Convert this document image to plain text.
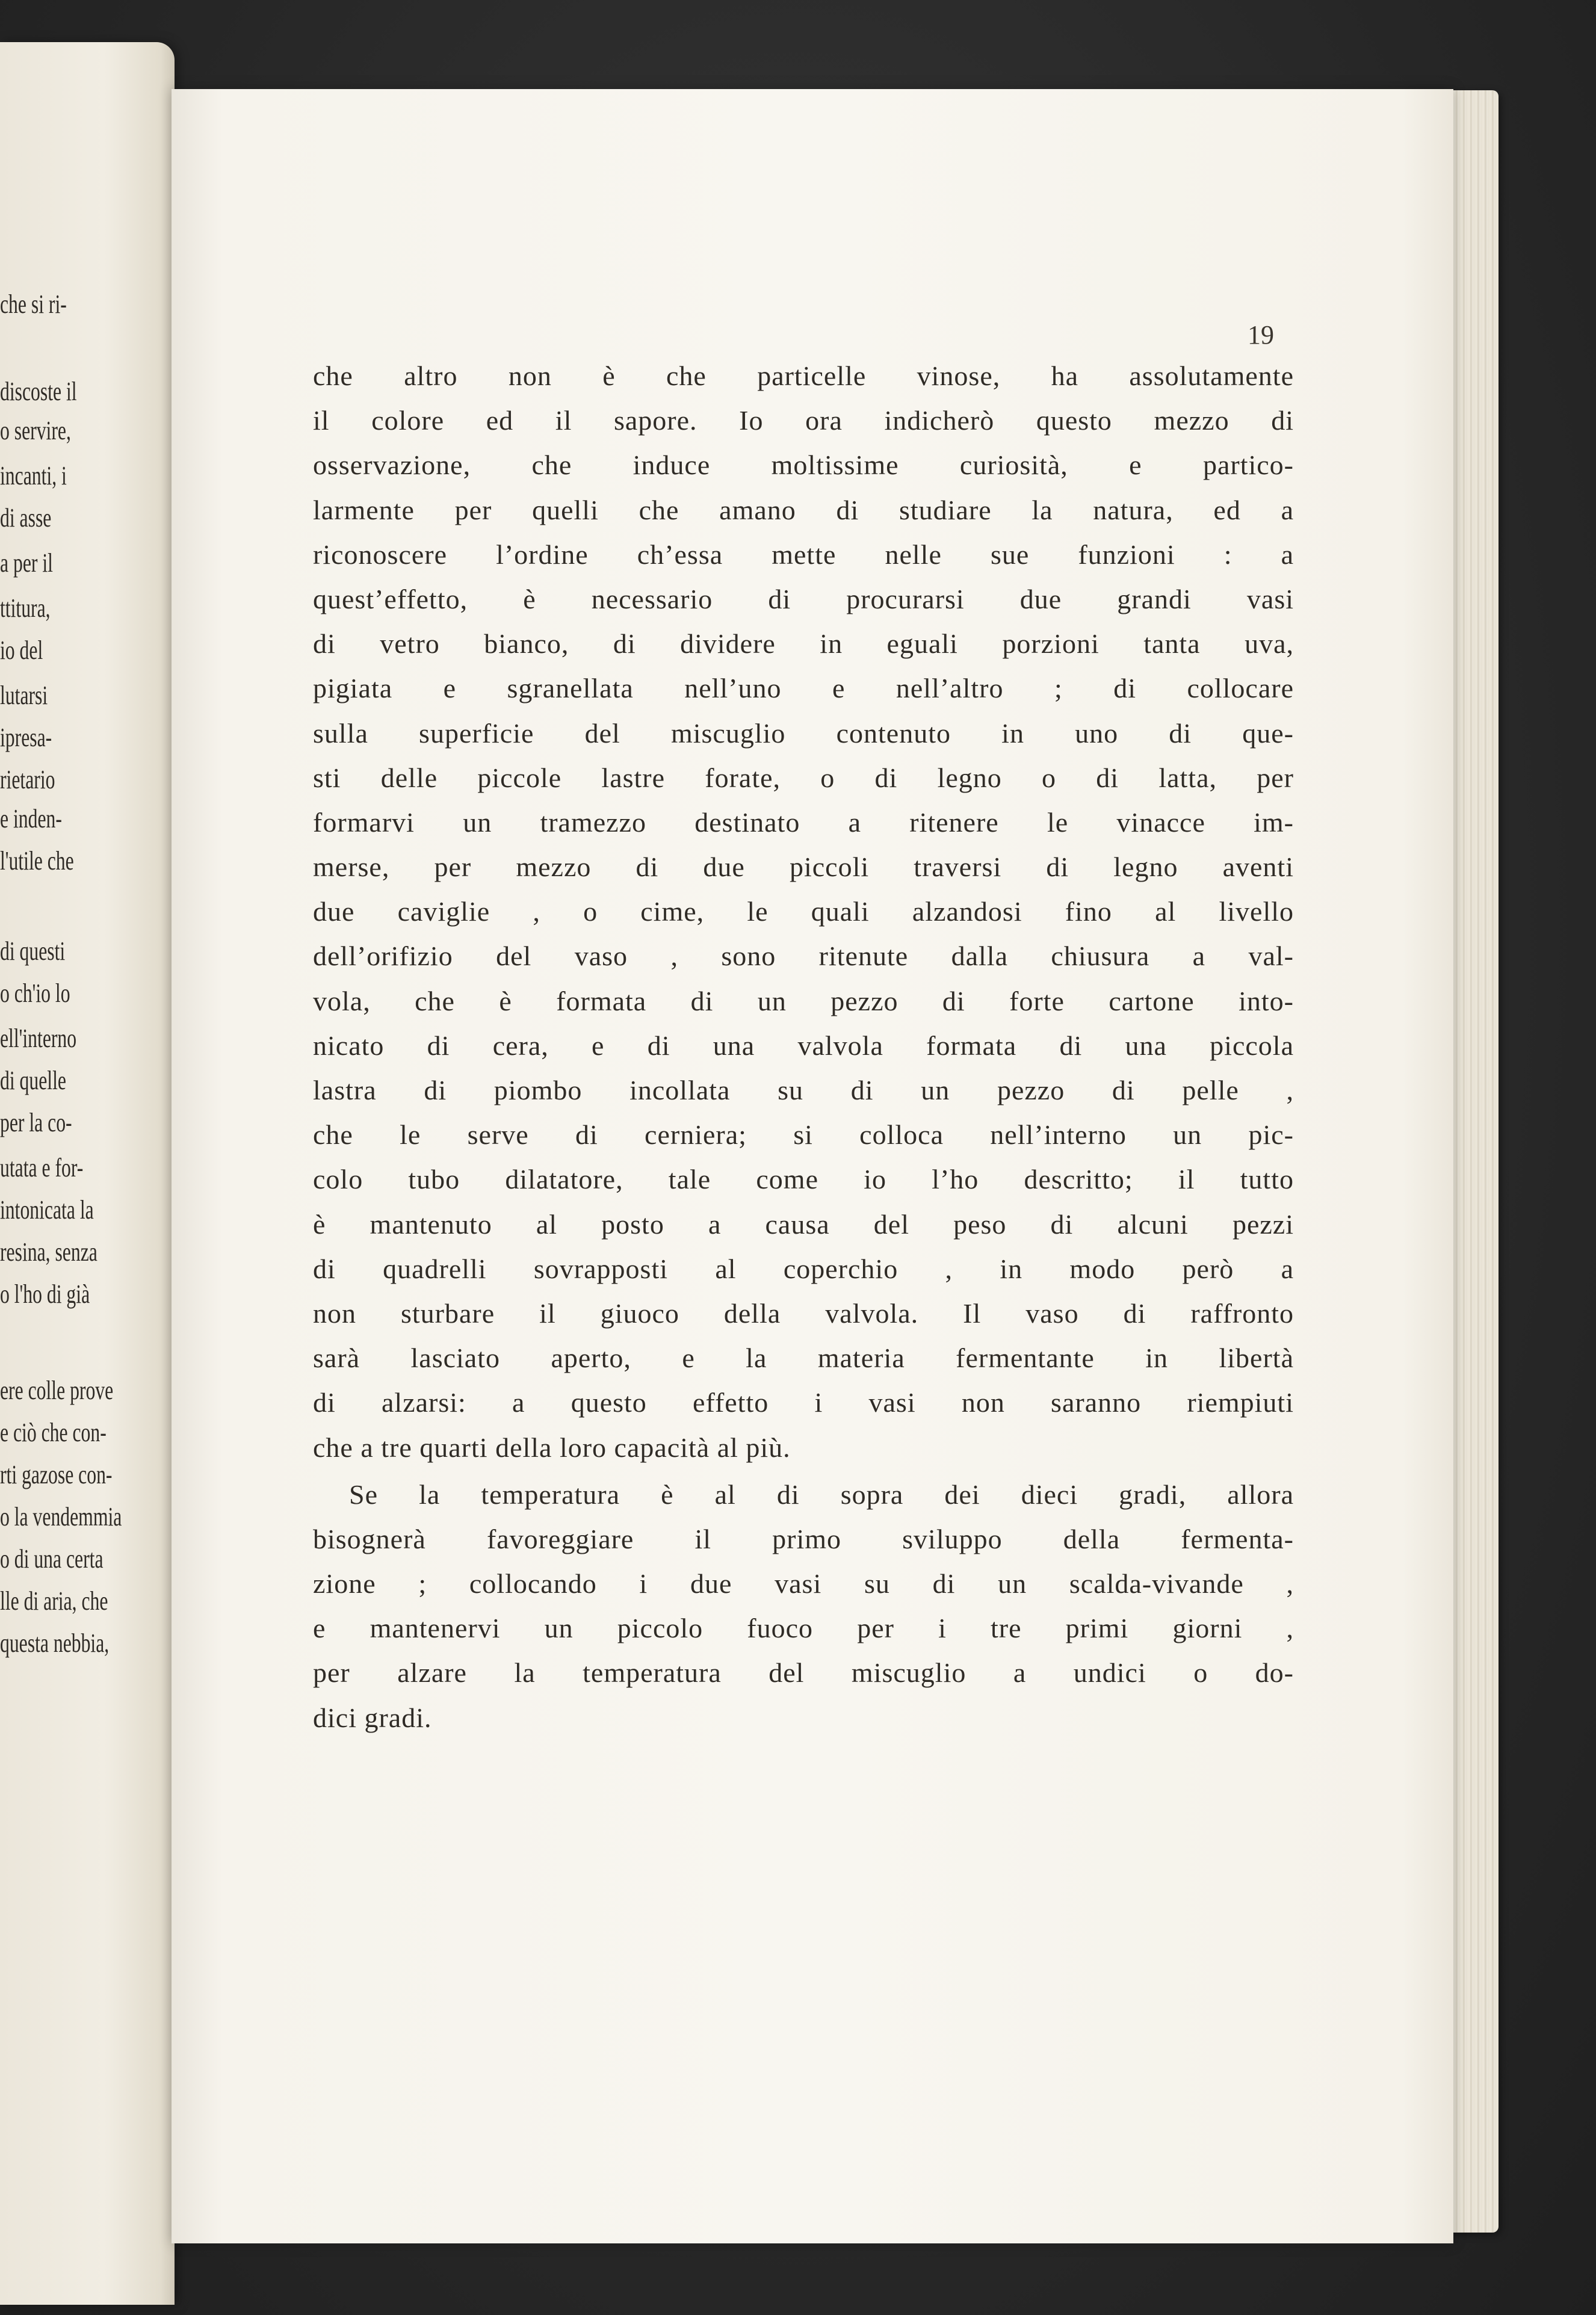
che si ri-
discoste il
o servire,
incanti, i
di asse
a per il
ttitura,
io del
lutarsi
ipresa-
rietario
e inden-
l'utile che
di questi
o ch'io lo
ell'interno
di quelle
per la co-
utata e for-
intonicata la
resina, senza
o l'ho di già
ere colle prove
e ciò che con-
rti gazose con-
o la vendemmia
o di una certa
lle di aria, che
questa nebbia,
19
che altro non è che particelle vinose, ha assolutamente
il colore ed il sapore. Io ora indicherò questo mezzo di
osservazione, che induce moltissime curiosità, e partico-
larmente per quelli che amano di studiare la natura, ed a
riconoscere l’ordine ch’essa mette nelle sue funzioni : a
quest’effetto, è necessario di procurarsi due grandi vasi
di vetro bianco, di dividere in eguali porzioni tanta uva,
pigiata e sgranellata nell’uno e nell’altro ; di collocare
sulla superficie del miscuglio contenuto in uno di que-
sti delle piccole lastre forate, o di legno o di latta, per
formarvi un tramezzo destinato a ritenere le vinacce im-
merse, per mezzo di due piccoli traversi di legno aventi
due caviglie , o cime, le quali alzandosi fino al livello
dell’orifizio del vaso , sono ritenute dalla chiusura a val-
vola, che è formata di un pezzo di forte cartone into-
nicato di cera, e di una valvola formata di una piccola
lastra di piombo incollata su di un pezzo di pelle ,
che le serve di cerniera; si colloca nell’interno un pic-
colo tubo dilatatore, tale come io l’ho descritto; il tutto
è mantenuto al posto a causa del peso di alcuni pezzi
di quadrelli sovrapposti al coperchio , in modo però a
non sturbare il giuoco della valvola. Il vaso di raffronto
sarà lasciato aperto, e la materia fermentante in libertà
di alzarsi: a questo effetto i vasi non saranno riempiuti
che a tre quarti della loro capacità al più.
Se la temperatura è al di sopra dei dieci gradi, allora
bisognerà favoreggiare il primo sviluppo della fermenta-
zione ; collocando i due vasi su di un scalda-vivande ,
e mantenervi un piccolo fuoco per i tre primi giorni ,
per alzare la temperatura del miscuglio a undici o do-
dici gradi.
